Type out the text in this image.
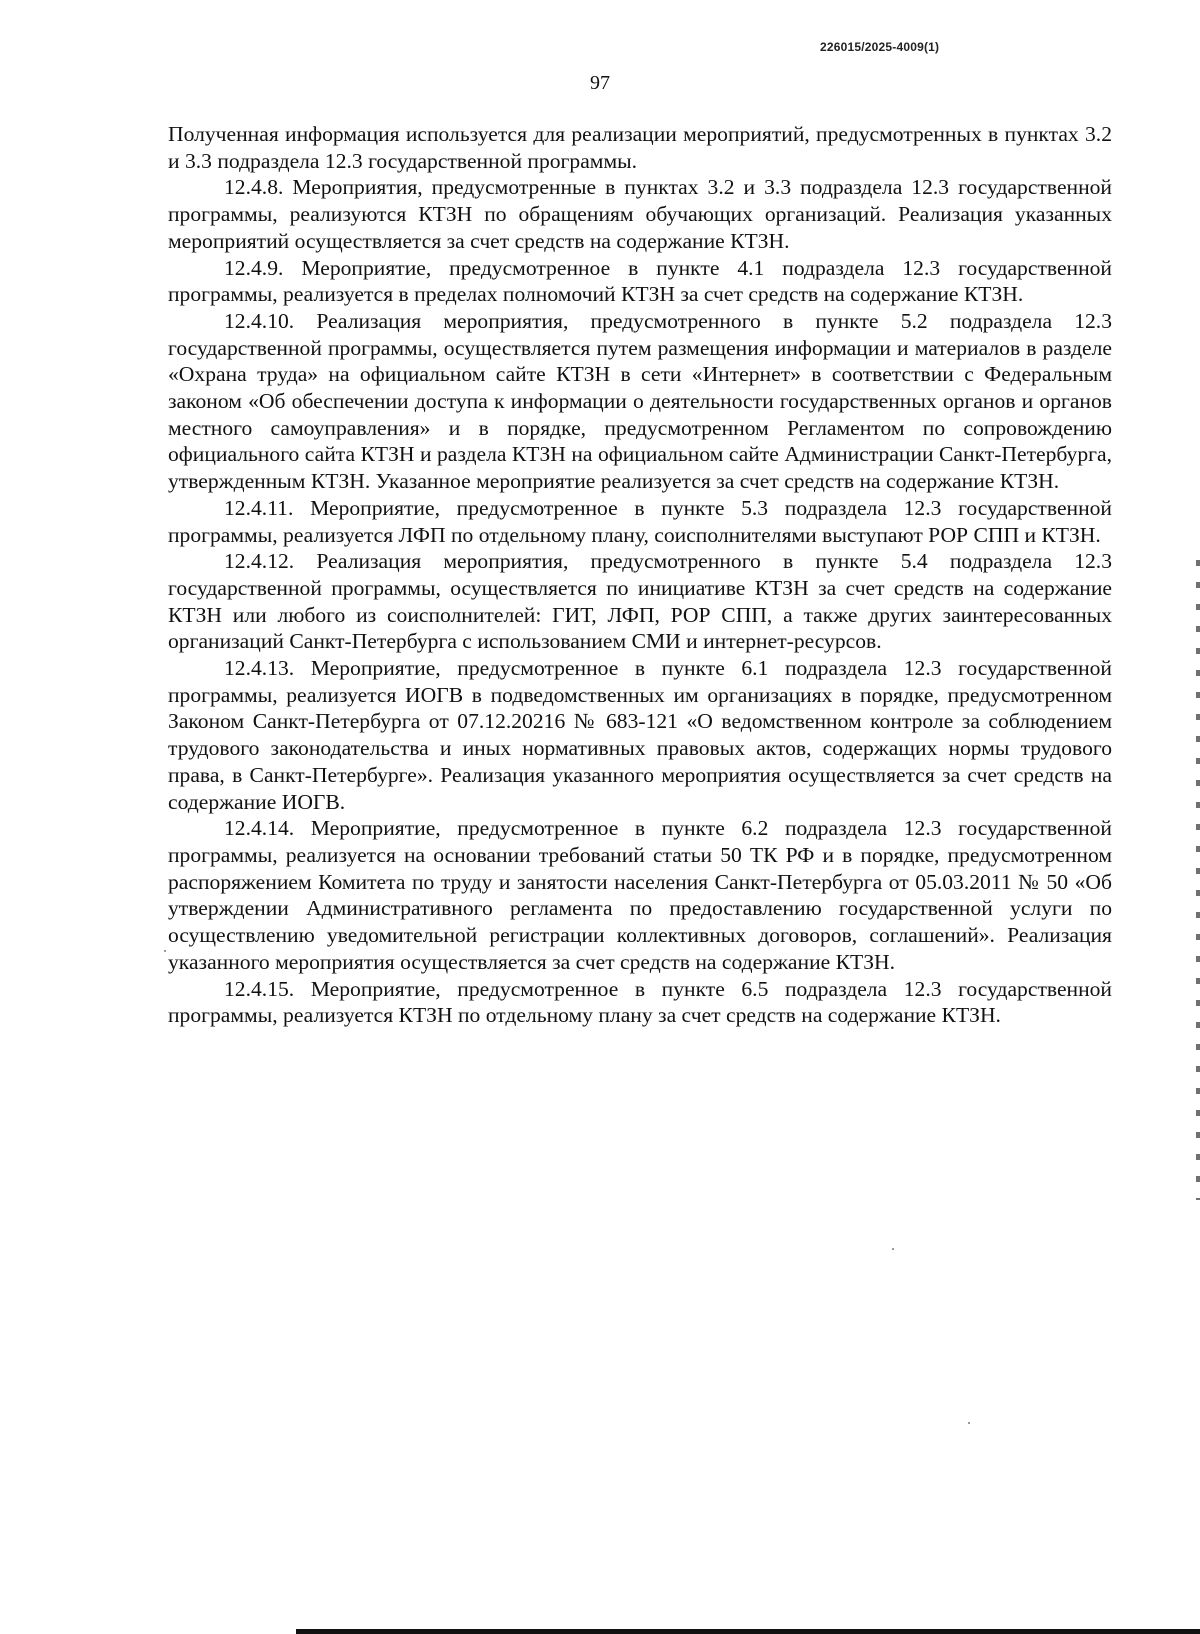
226015/2025-4009(1)
97

Полученная информация используется для реализации мероприятий, предусмотренных в пунктах 3.2 и 3.3 подраздела 12.3 государственной программы.

12.4.8. Мероприятия, предусмотренные в пунктах 3.2 и 3.3 подраздела 12.3 государственной программы, реализуются КТЗН по обращениям обучающих организаций. Реализация указанных мероприятий осуществляется за счет средств на содержание КТЗН.

12.4.9. Мероприятие, предусмотренное в пункте 4.1 подраздела 12.3 государственной программы, реализуется в пределах полномочий КТЗН за счет средств на содержание КТЗН.

12.4.10. Реализация мероприятия, предусмотренного в пункте 5.2 подраздела 12.3 государственной программы, осуществляется путем размещения информации и материалов в разделе «Охрана труда» на официальном сайте КТЗН в сети «Интернет» в соответствии с Федеральным законом «Об обеспечении доступа к информации о деятельности государственных органов и органов местного самоуправления» и в порядке, предусмотренном Регламентом по сопровождению официального сайта КТЗН и раздела КТЗН на официальном сайте Администрации Санкт-Петербурга, утвержденным КТЗН. Указанное мероприятие реализуется за счет средств на содержание КТЗН.

12.4.11. Мероприятие, предусмотренное в пункте 5.3 подраздела 12.3 государственной программы, реализуется ЛФП по отдельному плану, соисполнителями выступают РОР СПП и КТЗН.

12.4.12. Реализация мероприятия, предусмотренного в пункте 5.4 подраздела 12.3 государственной программы, осуществляется по инициативе КТЗН за счет средств на содержание КТЗН или любого из соисполнителей: ГИТ, ЛФП, РОР СПП, а также других заинтересованных организаций Санкт-Петербурга с использованием СМИ и интернет-ресурсов.

12.4.13. Мероприятие, предусмотренное в пункте 6.1 подраздела 12.3 государственной программы, реализуется ИОГВ в подведомственных им организациях в порядке, предусмотренном Законом Санкт-Петербурга от 07.12.20216 № 683-121 «О ведомственном контроле за соблюдением трудового законодательства и иных нормативных правовых актов, содержащих нормы трудового права, в Санкт-Петербурге». Реализация указанного мероприятия осуществляется за счет средств на содержание ИОГВ.

12.4.14. Мероприятие, предусмотренное в пункте 6.2 подраздела 12.3 государственной программы, реализуется на основании требований статьи 50 ТК РФ и в порядке, предусмотренном распоряжением Комитета по труду и занятости населения Санкт-Петербурга от 05.03.2011 № 50 «Об утверждении Административного регламента по предоставлению государственной услуги по осуществлению уведомительной регистрации коллективных договоров, соглашений». Реализация указанного мероприятия осуществляется за счет средств на содержание КТЗН.

12.4.15. Мероприятие, предусмотренное в пункте 6.5 подраздела 12.3 государственной программы, реализуется КТЗН по отдельному плану за счет средств на содержание КТЗН.
